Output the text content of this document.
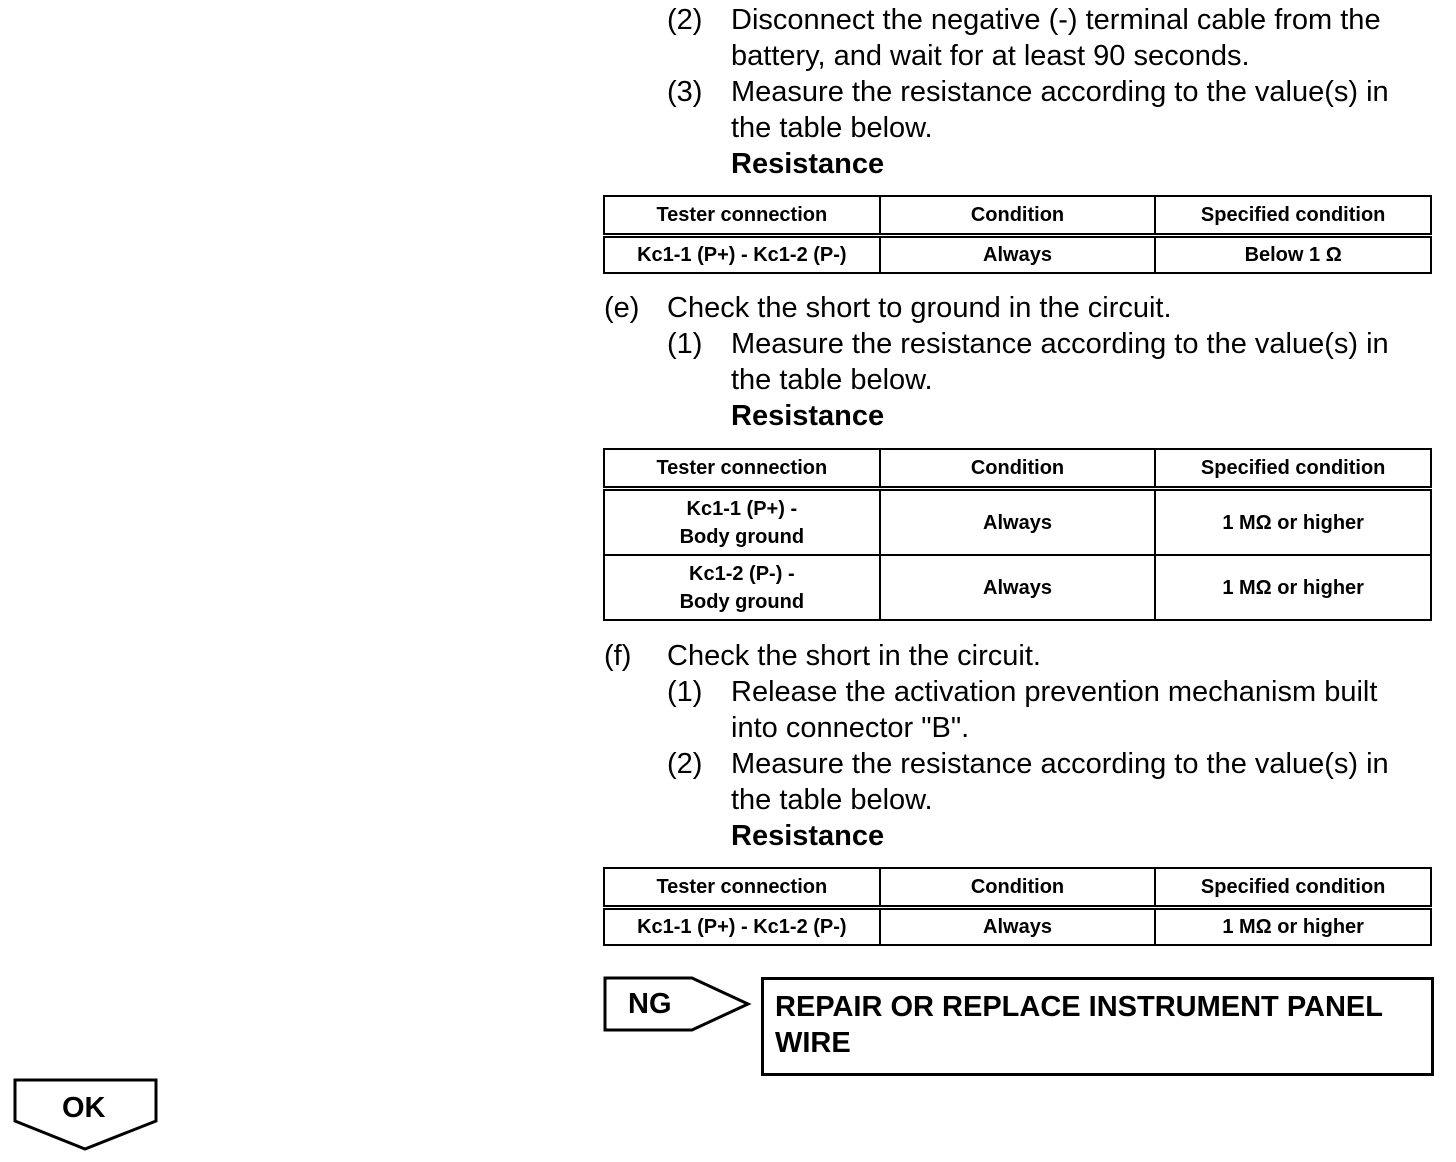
(2) Disconnect the negative (-) terminal cable from the
battery, and wait for at least 90 seconds.
(3) Measure the resistance according to the value(s) in
the table below.
Resistance
Tester connection	Condition	Specified condition
Kc1-1 (P+) - Kc1-2 (P-)	Always	Below 1 Ω
(e) Check the short to ground in the circuit.
(1) Measure the resistance according to the value(s) in
the table below.
Resistance
Tester connection	Condition	Specified condition

Kc1-1 (P+) -
Body ground	Always	1 MΩ or higher

Kc1-2 (P-) -
Body ground	Always	1 MΩ or higher
(f) Check the short in the circuit.
(1) Release the activation prevention mechanism built
into connector "B".
(2) Measure the resistance according to the value(s) in
the table below.
Resistance
Tester connection	Condition	Specified condition
Kc1-1 (P+) - Kc1-2 (P-)	Always	1 MΩ or higher
NG	REPAIR OR REPLACE INSTRUMENT PANEL
WIRE
OK
